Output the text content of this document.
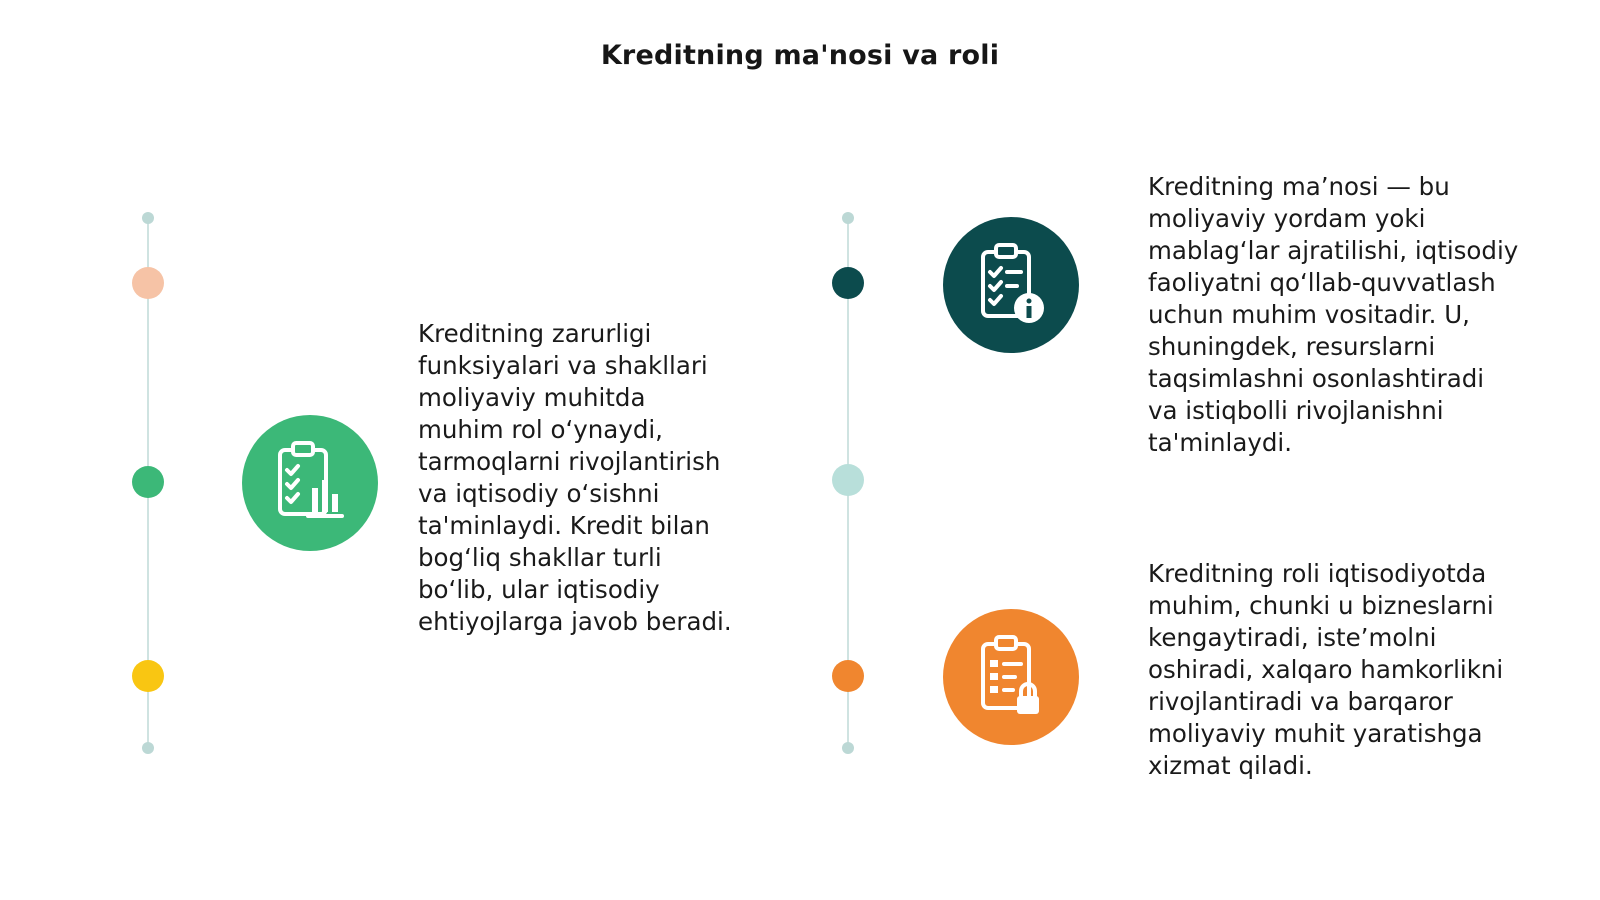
Kreditning ma'nosi va roli
Kreditning zarurligi funksiyalari va shakllari moliyaviy muhitda muhim rol o‘ynaydi, tarmoqlarni rivojlantirish va iqtisodiy o‘sishni ta'minlaydi. Kredit bilan bog‘liq shakllar turli bo‘lib, ular iqtisodiy ehtiyojlarga javob beradi.
Kreditning ma’nosi — bu moliyaviy yordam yoki mablag‘lar ajratilishi, iqtisodiy faoliyatni qo‘llab-quvvatlash uchun muhim vositadir. U, shuningdek, resurslarni taqsimlashni osonlashtiradi va istiqbolli rivojlanishni ta'minlaydi.
Kreditning roli iqtisodiyotda muhim, chunki u bizneslarni kengaytiradi, iste’molni oshiradi, xalqaro hamkorlikni rivojlantiradi va barqaror moliyaviy muhit yaratishga xizmat qiladi.
